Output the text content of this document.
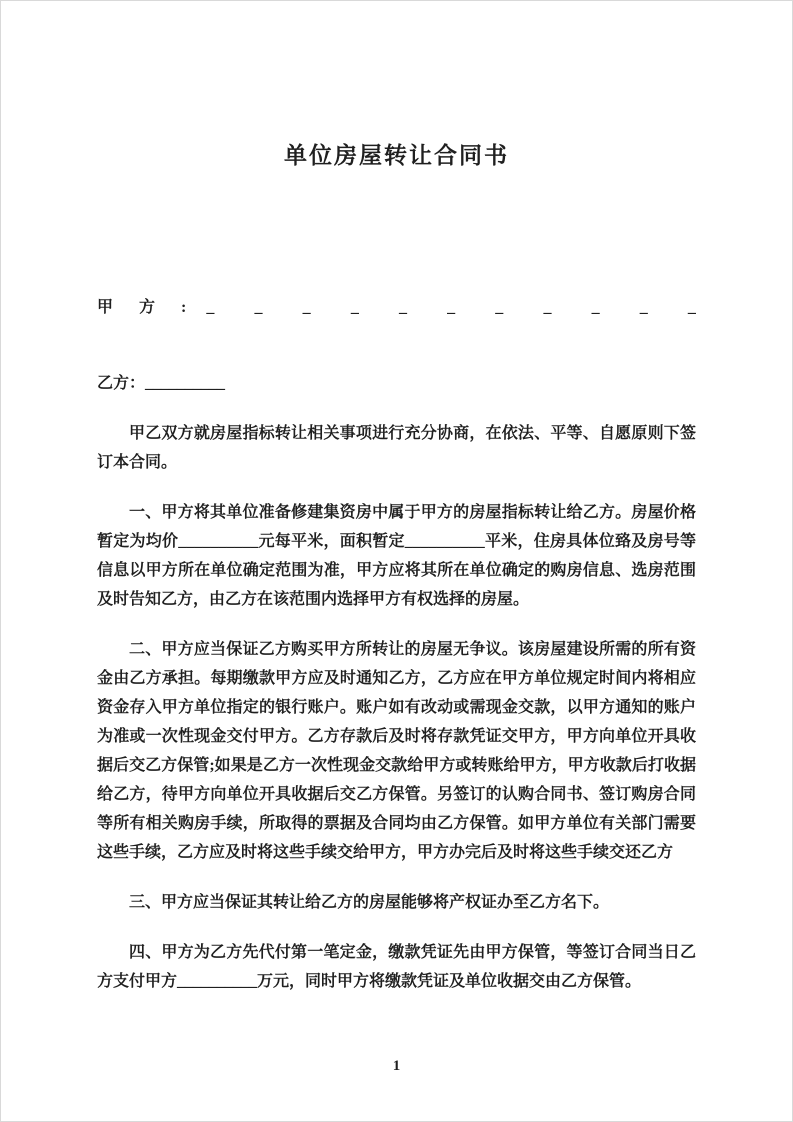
单位房屋转让合同书
甲 方 : _	_	_	_	_	_	_	_	_	_	_

乙方：__________

甲乙双方就房屋指标转让相关事项进行充分协商，在依法、平等、自愿原则下签订本合同。

一、甲方将其单位准备修建集资房中属于甲方的房屋指标转让给乙方。房屋价格暂定为均价__________元每平米，面积暂定__________平米，住房具体位臵及房号等信息以甲方所在单位确定范围为准，甲方应将其所在单位确定的购房信息、选房范围及时告知乙方，由乙方在该范围内选择甲方有权选择的房屋。

二、甲方应当保证乙方购买甲方所转让的房屋无争议。该房屋建设所需的所有资金由乙方承担。每期缴款甲方应及时通知乙方，乙方应在甲方单位规定时间内将相应资金存入甲方单位指定的银行账户。账户如有改动或需现金交款，以甲方通知的账户为准或一次性现金交付甲方。乙方存款后及时将存款凭证交甲方，甲方向单位开具收据后交乙方保管;如果是乙方一次性现金交款给甲方或转账给甲方，甲方收款后打收据给乙方，待甲方向单位开具收据后交乙方保管。另签订的认购合同书、签订购房合同等所有相关购房手续，所取得的票据及合同均由乙方保管。如甲方单位有关部门需要这些手续，乙方应及时将这些手续交给甲方，甲方办完后及时将这些手续交还乙方

三、甲方应当保证其转让给乙方的房屋能够将产权证办至乙方名下。

四、甲方为乙方先代付第一笔定金，缴款凭证先由甲方保管，等签订合同当日乙方支付甲方__________万元，同时甲方将缴款凭证及单位收据交由乙方保管。

1
